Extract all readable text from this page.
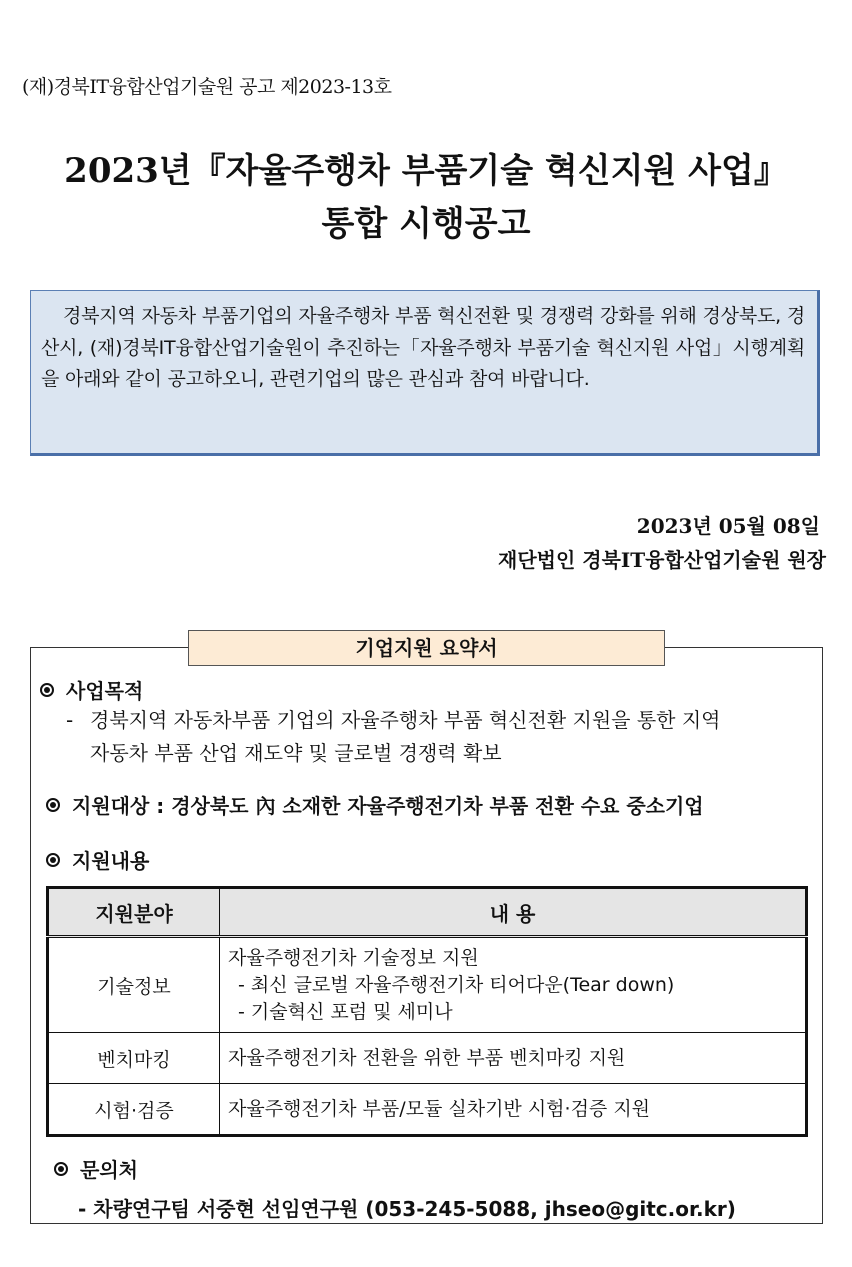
(재)경북IT융합산업기술원 공고 제2023-13호
2023년『자율주행차 부품기술 혁신지원 사업』
통합 시행공고

경북지역 자동차 부품기업의 자율주행차 부품 혁신전환 및 경쟁력 강화를 위해 경상북도, 경산시, (재)경북IT융합산업기술원이 추진하는「자율주행차 부품기술 혁신지원 사업」시행계획을 아래와 같이 공고하오니, 관련기업의 많은 관심과 참여 바랍니다.

2023년 05월 08일
재단법인 경북IT융합산업기술원 원장
기업지원 요약서
사업목적
- 경북지역 자동차부품 기업의 자율주행차 부품 혁신전환 지원을 통한 지역
자동차 부품 산업 재도약 및 글로벌 경쟁력 확보
지원대상 : 경상북도 內 소재한 자율주행전기차 부품 전환 수요 중소기업
지원내용
지원분야	내 용
기술정보	자율주행전기차 기술정보 지원
- 최신 글로벌 자율주행전기차 티어다운(Tear down)
- 기술혁신 포럼 및 세미나

벤치마킹	자율주행전기차 전환을 위한 부품 벤치마킹 지원
시험·검증	자율주행전기차 부품/모듈 실차기반 시험·검증 지원
문의처
- 차량연구팀 서중현 선임연구원 (053-245-5088, jhseo@gitc.or.kr)
